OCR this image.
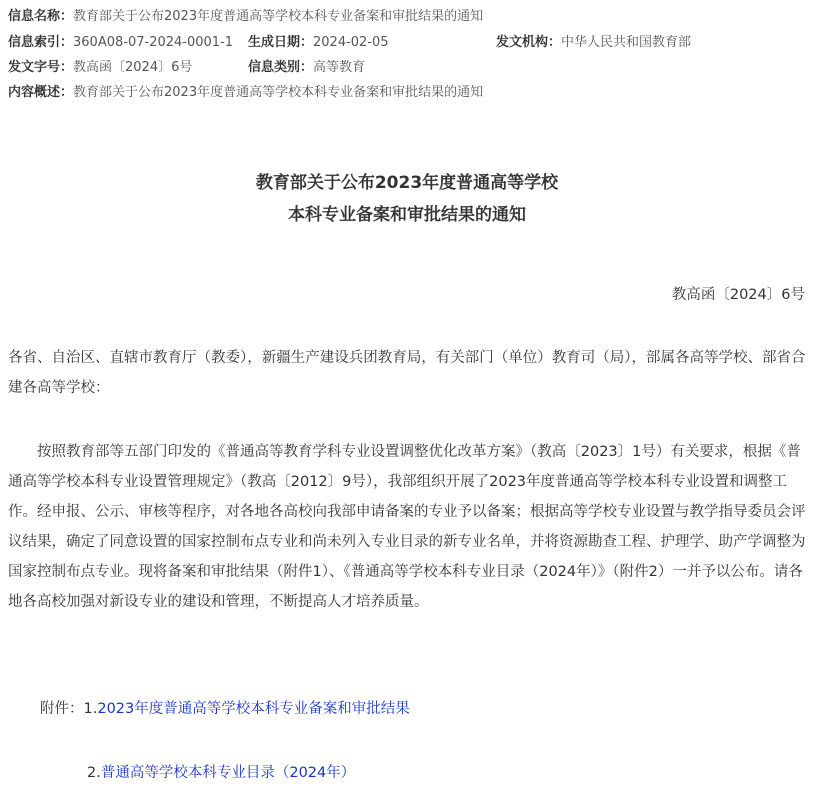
信息名称：教育部关于公布2023年度普通高等学校本科专业备案和审批结果的通知
信息索引：360A08-07-2024-0001-1 生成日期：2024-02-05	发文机构：中华人民共和国教育部
发文字号：教高函〔2024〕6号	信息类别：高等教育
内容概述：教育部关于公布2023年度普通高等学校本科专业备案和审批结果的通知
教育部关于公布2023年度普通高等学校
本科专业备案和审批结果的通知
教高函〔2024〕6号

各省、自治区、直辖市教育厅（教委），新疆生产建设兵团教育局，有关部门（单位）教育司（局），部属各高等学校、部省合建各高等学校：

按照教育部等五部门印发的《普通高等教育学科专业设置调整优化改革方案》（教高〔2023〕1号）有关要求，根据《普通高等学校本科专业设置管理规定》（教高〔2012〕9号），我部组织开展了2023年度普通高等学校本科专业设置和调整工作。经申报、公示、审核等程序，对各地各高校向我部申请备案的专业予以备案；根据高等学校专业设置与教学指导委员会评议结果，确定了同意设置的国家控制布点专业和尚未列入专业目录的新专业名单，并将资源勘查工程、护理学、助产学调整为国家控制布点专业。现将备案和审批结果（附件1）、《普通高等学校本科专业目录（2024年）》（附件2）一并予以公布。请各地各高校加强对新设专业的建设和管理，不断提高人才培养质量。

附件：1.2023年度普通高等学校本科专业备案和审批结果
2.普通高等学校本科专业目录（2024年）
